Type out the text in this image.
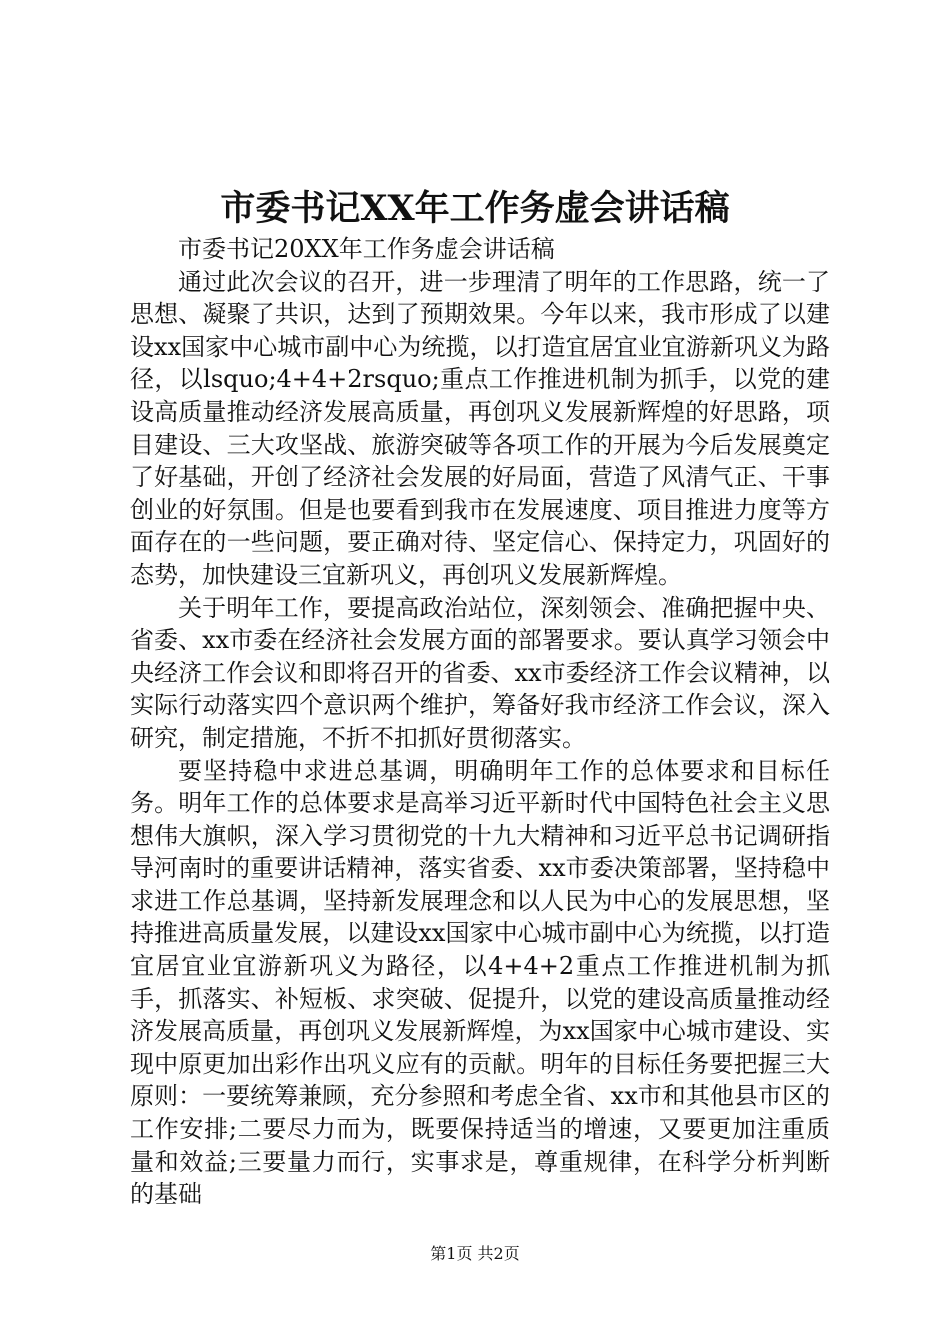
市委书记XX年工作务虚会讲话稿

市委书记20XX年工作务虚会讲话稿

通过此次会议的召开，进一步理清了明年的工作思路，统一了思想、凝聚了共识，达到了预期效果。今年以来，我市形成了以建设xx国家中心城市副中心为统揽，以打造宜居宜业宜游新巩义为路径，以lsquo;4+4+2rsquo;重点工作推进机制为抓手，以党的建设高质量推动经济发展高质量，再创巩义发展新辉煌的好思路，项目建设、三大攻坚战、旅游突破等各项工作的开展为今后发展奠定了好基础，开创了经济社会发展的好局面，营造了风清气正、干事创业的好氛围。但是也要看到我市在发展速度、项目推进力度等方面存在的一些问题，要正确对待、坚定信心、保持定力，巩固好的态势，加快建设三宜新巩义，再创巩义发展新辉煌。

关于明年工作，要提高政治站位，深刻领会、准确把握中央、省委、xx市委在经济社会发展方面的部署要求。要认真学习领会中央经济工作会议和即将召开的省委、xx市委经济工作会议精神，以实际行动落实四个意识两个维护，筹备好我市经济工作会议，深入研究，制定措施，不折不扣抓好贯彻落实。

要坚持稳中求进总基调，明确明年工作的总体要求和目标任务。明年工作的总体要求是高举习近平新时代中国特色社会主义思想伟大旗帜，深入学习贯彻党的十九大精神和习近平总书记调研指导河南时的重要讲话精神，落实省委、xx市委决策部署，坚持稳中求进工作总基调，坚持新发展理念和以人民为中心的发展思想，坚持推进高质量发展，以建设xx国家中心城市副中心为统揽，以打造宜居宜业宜游新巩义为路径，以4+4+2重点工作推进机制为抓手，抓落实、补短板、求突破、促提升，以党的建设高质量推动经济发展高质量，再创巩义发展新辉煌，为xx国家中心城市建设、实现中原更加出彩作出巩义应有的贡献。明年的目标任务要把握三大原则：一要统筹兼顾，充分参照和考虑全省、xx市和其他县市区的工作安排;二要尽力而为，既要保持适当的增速，又要更加注重质量和效益;三要量力而行，实事求是，尊重规律，在科学分析判断的基础

第1页 共2页
